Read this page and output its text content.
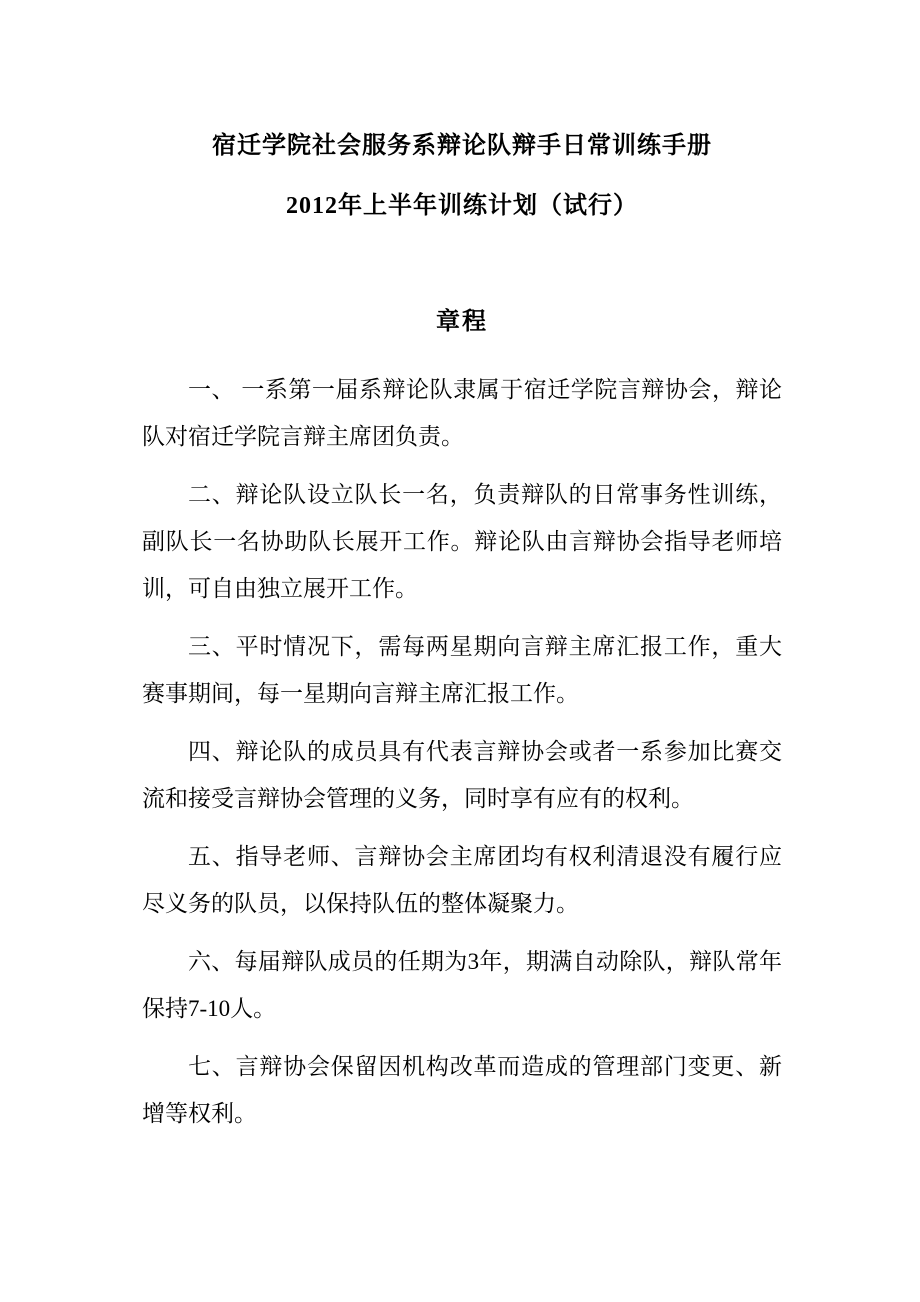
宿迁学院社会服务系辩论队辩手日常训练手册
2012年上半年训练计划（试行）
章程

一、 一系第一届系辩论队隶属于宿迁学院言辩协会，辩论队对宿迁学院言辩主席团负责。

二、辩论队设立队长一名，负责辩队的日常事务性训练，副队长一名协助队长展开工作。辩论队由言辩协会指导老师培训，可自由独立展开工作。

三、平时情况下，需每两星期向言辩主席汇报工作，重大赛事期间，每一星期向言辩主席汇报工作。

四、辩论队的成员具有代表言辩协会或者一系参加比赛交流和接受言辩协会管理的义务，同时享有应有的权利。

五、指导老师、言辩协会主席团均有权利清退没有履行应尽义务的队员，以保持队伍的整体凝聚力。

六、每届辩队成员的任期为3年，期满自动除队，辩队常年保持7-10人。

七、言辩协会保留因机构改革而造成的管理部门变更、新增等权利。
